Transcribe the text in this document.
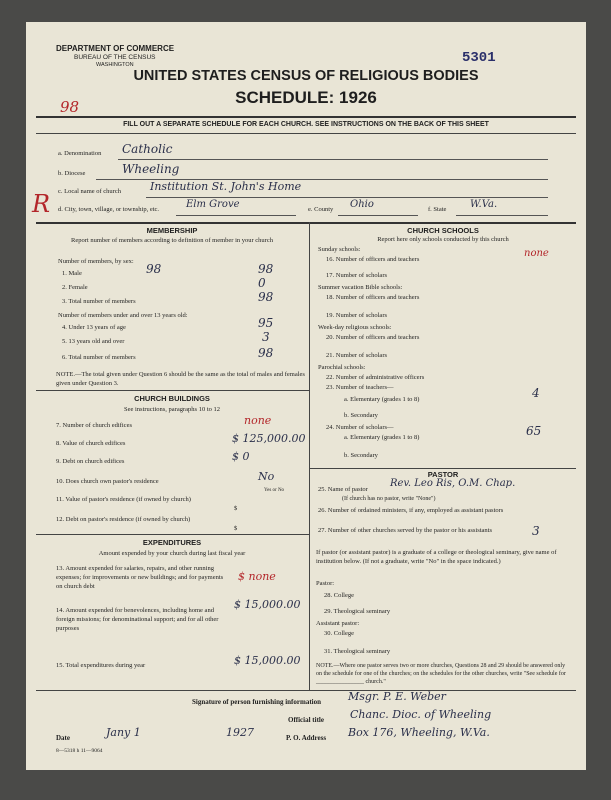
DEPARTMENT OF COMMERCE
BUREAU OF THE CENSUS
WASHINGTON	5301
UNITED STATES CENSUS OF RELIGIOUS BODIES
SCHEDULE: 1926
98
FILL OUT A SEPARATE SCHEDULE FOR EACH CHURCH. SEE INSTRUCTIONS ON THE BACK OF THIS SHEET
a. Denomination Catholic
b. Diocese	Wheeling
c. Local name of church	Institution St. John's Home
R d. City, town, village, or township, etc.	Elm Grove	e. County Ohio	f. State W.Va.
MEMBERSHIP
Report number of members according to definition of member in your church
Number of members, by sex:
1. Male	98	98
2. Female	0
3. Total number of members	98
Number of members under and over 13 years old:
4. Under 13 years of age	95
5. 13 years old and over	3
6. Total number of members	98
NOTE.—The total given under Question 6 should be the same as the total of males and females given under Question 3.
CHURCH BUILDINGS
See instructions, paragraphs 10 to 12
7. Number of church edifices	none
8. Value of church edifices	$ 125,000.00
9. Debt on church edifices	$ 0
10. Does church own pastor's residence	No
Yes or No
11. Value of pastor's residence (if owned by church)
$
12. Debt on pastor's residence (if owned by church)
$
EXPENDITURES
Amount expended by your church during last fiscal year
13. Amount expended for salaries, repairs, and other running expenses; for improvements or new buildings; and for payments on church debt
$ none
14. Amount expended for benevolences, including home and foreign missions; for denominational support; and for all other purposes
$ 15,000.00
15. Total expenditures during year	$ 15,000.00
CHURCH SCHOOLS
Report here only schools conducted by this church
Sunday schools:
16. Number of officers and teachers
none
17. Number of scholars
Summer vacation Bible schools:
18. Number of officers and teachers
19. Number of scholars
Week-day religious schools:
20. Number of officers and teachers
21. Number of scholars
Parochial schools:
22. Number of administrative officers
23. Number of teachers—
a. Elementary (grades 1 to 8)	4
b. Secondary
24. Number of scholars—
a. Elementary (grades 1 to 8)	65
b. Secondary
PASTOR
25. Name of pastor
Rev. Leo Ris, O.M. Chap.
(If church has no pastor, write "None")
26. Number of ordained ministers, if any, employed as assistant pastors
27. Number of other churches served by the pastor or his assistants	3
If pastor (or assistant pastor) is a graduate of a college or theological seminary, give name of institution below. (If not a graduate, write "No" in the space indicated.)
Pastor:
28. College
29. Theological seminary
Assistant pastor:
30. College
31. Theological seminary
NOTE.—Where one pastor serves two or more churches, Questions 28 and 29 should be answered only on the schedule for one of the churches; on the schedules for the other churches, write "See schedule for ________________ church."
Signature of person furnishing information Msgr. P. E. Weber
Official title Chanc. Dioc. of Wheeling
Date	Jany 1	1927	P. O. Address Box 176, Wheeling, W.Va.
8—5318 h 11—9064
